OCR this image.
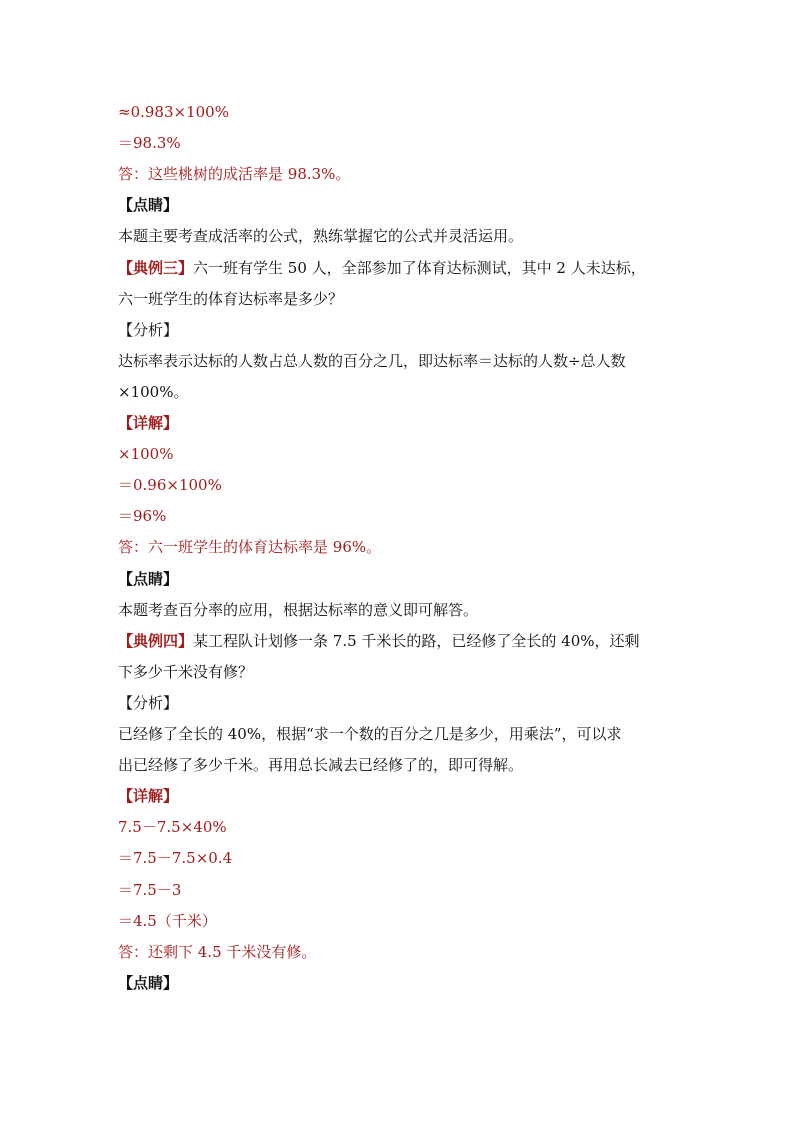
≈0.983×100%
＝98.3%
答：这些桃树的成活率是 98.3%。
【点睛】
本题主要考查成活率的公式，熟练掌握它的公式并灵活运用。
【典例三】六一班有学生 50 人，全部参加了体育达标测试，其中 2 人未达标，
六一班学生的体育达标率是多少？
【分析】
达标率表示达标的人数占总人数的百分之几，即达标率＝达标的人数÷总人数
×100%。
【详解】
×100%
＝0.96×100%
＝96%
答：六一班学生的体育达标率是 96%。
【点睛】
本题考查百分率的应用，根据达标率的意义即可解答。
【典例四】某工程队计划修一条 7.5 千米长的路，已经修了全长的 40%，还剩
下多少千米没有修？
【分析】
已经修了全长的 40%，根据“求一个数的百分之几是多少，用乘法”，可以求
出已经修了多少千米。再用总长减去已经修了的，即可得解。
【详解】
7.5－7.5×40%
＝7.5－7.5×0.4
＝7.5－3
＝4.5（千米）
答：还剩下 4.5 千米没有修。
【点睛】
